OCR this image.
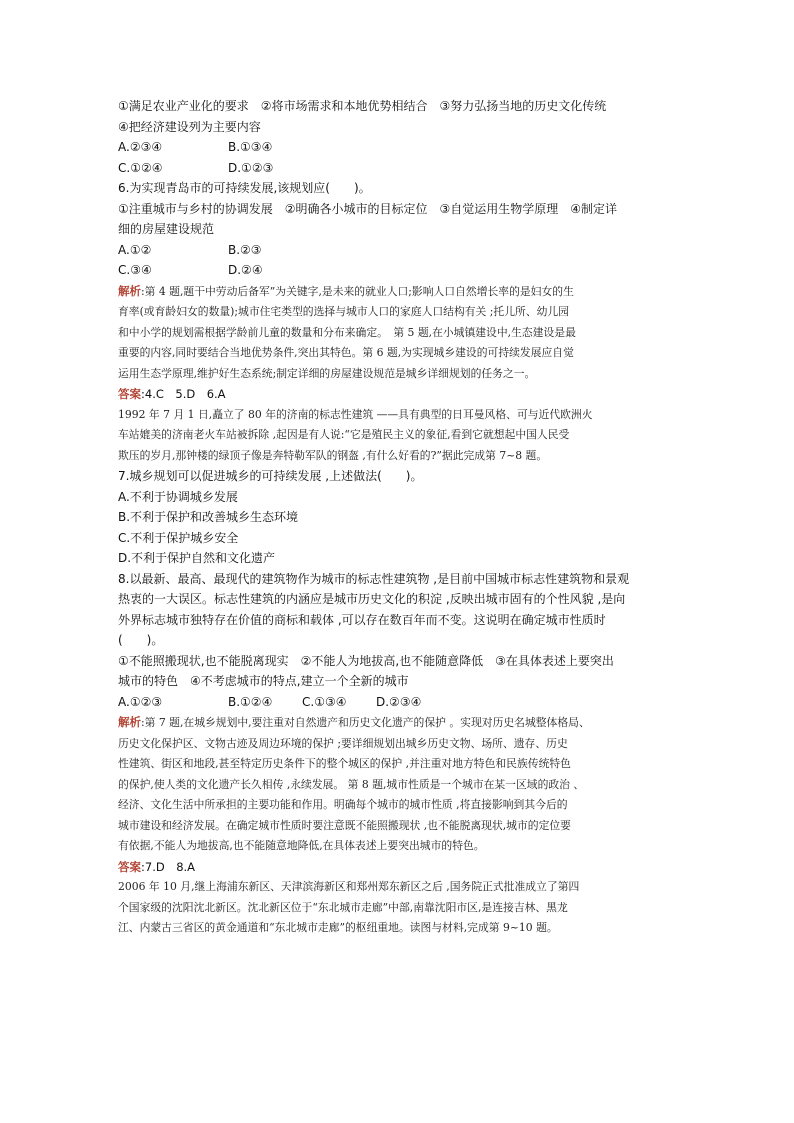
①满足农业产业化的要求　②将市场需求和本地优势相结合　③努力弘扬当地的历史文化传统
④把经济建设列为主要内容
A.②③④	B.①③④
C.①②④	D.①②③
6.为实现青岛市的可持续发展,该规划应(　　)。
①注重城市与乡村的协调发展　②明确各小城市的目标定位　③自觉运用生物学原理　④制定详
细的房屋建设规范
A.①②	B.②③
C.③④	D.②④
解析:第 4 题,题干中劳动后备军”为关键字,是未来的就业人口;影响人口自然增长率的是妇女的生
育率(或育龄妇女的数量);城市住宅类型的选择与城市人口的家庭人口结构有关 ;托儿所、幼儿园
和中小学的规划需根据学龄前儿童的数量和分布来确定。　第 5 题,在小城镇建设中,生态建设是最
重要的内容,同时要结合当地优势条件,突出其特色。第 6 题,为实现城乡建设的可持续发展应自觉
运用生态学原理,维护好生态系统;制定详细的房屋建设规范是城乡详细规划的任务之一。
答案:4.C　5.D　6.A
1992 年 7 月 1 日,矗立了 80 年的济南的标志性建筑 ——具有典型的日耳曼风格、可与近代欧洲火
车站媲美的济南老火车站被拆除 ,起因是有人说:“它是殖民主义的象征,看到它就想起中国人民受
欺压的岁月,那钟楼的绿顶子像是奔特勒军队的钢盔 ,有什么好看的?”据此完成第 7~8 题。
7.城乡规划可以促进城乡的可持续发展 ,上述做法(　　)。
A.不利于协调城乡发展
B.不利于保护和改善城乡生态环境
C.不利于保护城乡安全
D.不利于保护自然和文化遗产
8.以最新、最高、最现代的建筑物作为城市的标志性建筑物 ,是目前中国城市标志性建筑物和景观
热衷的一大误区。标志性建筑的内涵应是城市历史文化的积淀 ,反映出城市固有的个性风貌 ,是向
外界标志城市独特存在价值的商标和载体 ,可以存在数百年而不变。这说明在确定城市性质时
(　　)。
①不能照搬现状,也不能脱离现实　②不能人为地拔高,也不能随意降低　③在具体表述上要突出
城市的特色　④不考虑城市的特点,建立一个全新的城市
A.①②③	B.①②④	C.①③④	D.②③④
解析:第 7 题,在城乡规划中,要注重对自然遗产和历史文化遗产的保护 。实现对历史名城整体格局、
历史文化保护区、文物古迹及周边环境的保护 ;要详细规划出城乡历史文物、场所、遗存、历史
性建筑、街区和地段,甚至特定历史条件下的整个城区的保护 ,并注重对地方特色和民族传统特色
的保护,使人类的文化遗产长久相传 ,永续发展。 第 8 题,城市性质是一个城市在某一区域的政治 、
经济、文化生活中所承担的主要功能和作用。明确每个城市的城市性质 ,将直接影响到其今后的
城市建设和经济发展。在确定城市性质时要注意既不能照搬现状 ,也不能脱离现状,城市的定位要
有依据,不能人为地拔高,也不能随意地降低,在具体表述上要突出城市的特色。
答案:7.D　8.A
2006 年 10 月,继上海浦东新区、天津滨海新区和郑州郑东新区之后 ,国务院正式批准成立了第四
个国家级的沈阳沈北新区。沈北新区位于“东北城市走廊”中部,南靠沈阳市区,是连接吉林、黑龙
江、内蒙古三省区的黄金通道和“东北城市走廊”的枢纽重地。读图与材料,完成第 9~10 题。
